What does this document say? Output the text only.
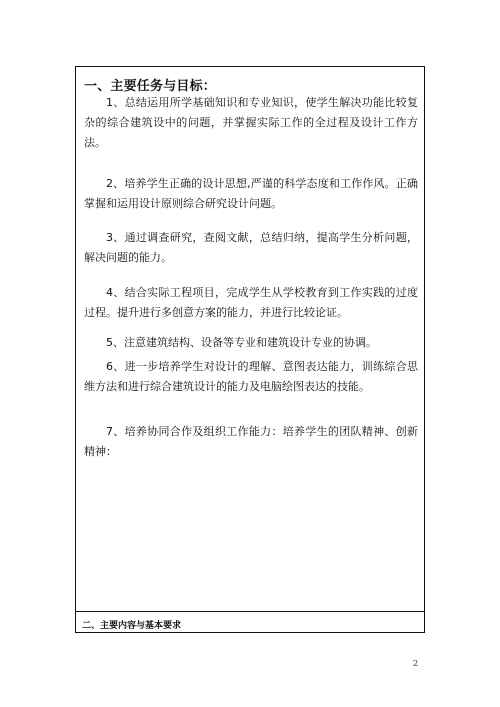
一、主要任务与目标：

1、总结运用所学基础知识和专业知识，使学生解决功能比较复杂的综合建筑设中的问题，并掌握实际工作的全过程及设计工作方法。

2、培养学生正确的设计思想,严谨的科学态度和工作作风。正确掌握和运用设计原则综合研究设计问题。

3、通过调查研究，查阅文献，总结归纳，提高学生分析问题，解决问题的能力。

4、结合实际工程项目，完成学生从学校教育到工作实践的过度过程。提升进行多创意方案的能力，并进行比较论证。

5、注意建筑结构、设备等专业和建筑设计专业的协调。

6、进一步培养学生对设计的理解、意图表达能力，训练综合思维方法和进行综合建筑设计的能力及电脑绘图表达的技能。

7、培养协同合作及组织工作能力：培养学生的团队精神、创新精神：

二、主要内容与基本要求
2
